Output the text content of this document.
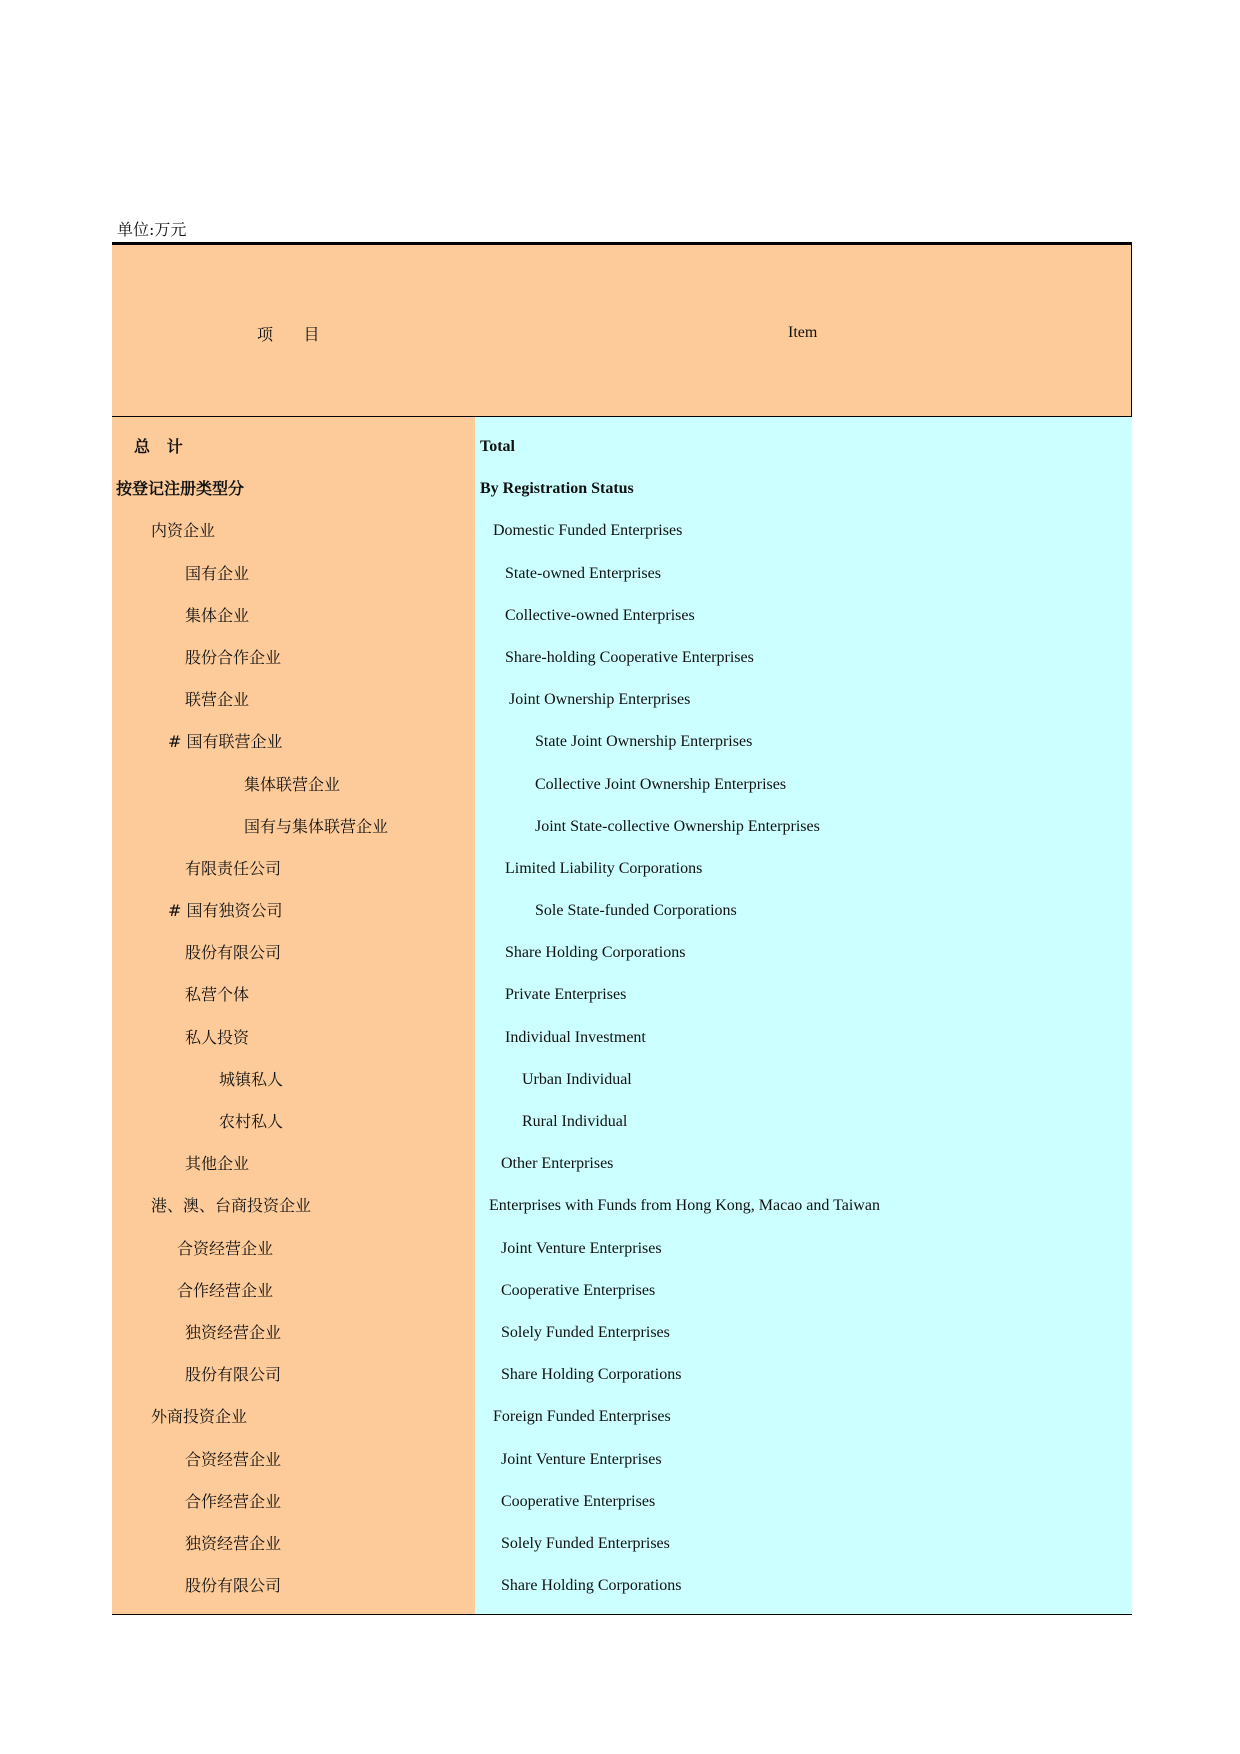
单位:万元
项      目	Item
总   计	Total
按登记注册类型分	By Registration Status
内资企业	Domestic Funded Enterprises
国有企业	State-owned Enterprises
集体企业	Collective-owned Enterprises
股份合作企业	Share-holding Cooperative Enterprises
联营企业	Joint Ownership Enterprises
# 国有联营企业	State Joint Ownership Enterprises
集体联营企业	Collective Joint Ownership Enterprises
国有与集体联营企业	Joint State-collective Ownership Enterprises
有限责任公司	Limited Liability Corporations
# 国有独资公司	Sole State-funded Corporations
股份有限公司	Share Holding Corporations
私营个体	Private Enterprises
私人投资	Individual Investment
城镇私人	Urban Individual
农村私人	Rural Individual
其他企业	Other Enterprises
港、澳、台商投资企业	Enterprises with Funds from Hong Kong, Macao and Taiwan
合资经营企业	Joint Venture Enterprises
合作经营企业	Cooperative Enterprises
独资经营企业	Solely Funded Enterprises
股份有限公司	Share Holding Corporations
外商投资企业	Foreign Funded Enterprises
合资经营企业	Joint Venture Enterprises
合作经营企业	Cooperative Enterprises
独资经营企业	Solely Funded Enterprises
股份有限公司	Share Holding Corporations
